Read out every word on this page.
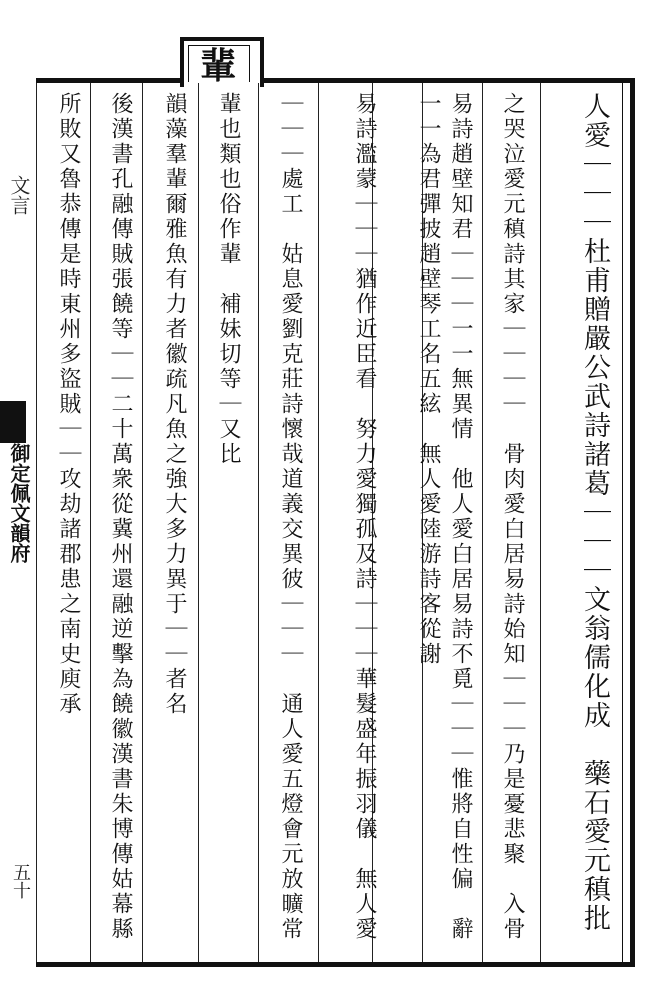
文言
御定佩文韻府
五十
人愛｜｜｜杜甫贈嚴公武詩諸葛｜｜｜文翁儒化成　藥石愛元稹批
之哭泣愛元稹詩其家｜｜｜｜　骨肉愛白居易詩始知｜｜｜乃是憂悲聚　入骨
易詩趙壁知君｜｜｜一一無異情　他人愛白居易詩不覓｜｜｜惟將自性偏　辭
一一為君彈披趙壁琴工名五絃　無人愛陸游詩客從謝
易詩濫蒙｜｜｜猶作近臣看　努力愛獨孤及詩｜｜｜華髮盛年振羽儀　無人愛
｜｜｜處工　姑息愛劉克莊詩懷哉道義交異彼｜｜｜　通人愛五燈會元放曠常
輩也類也俗作輩　補妹切等｜又比
韻藻羣輩爾雅魚有力者徽疏凡魚之強大多力異于｜｜者名
後漢書孔融傳賊張饒等｜｜二十萬衆從冀州還融逆擊為饒徽漢書朱博傳姑幕縣
所敗又魯恭傳是時東州多盜賊｜｜攻劫諸郡患之南史庾承
輩
